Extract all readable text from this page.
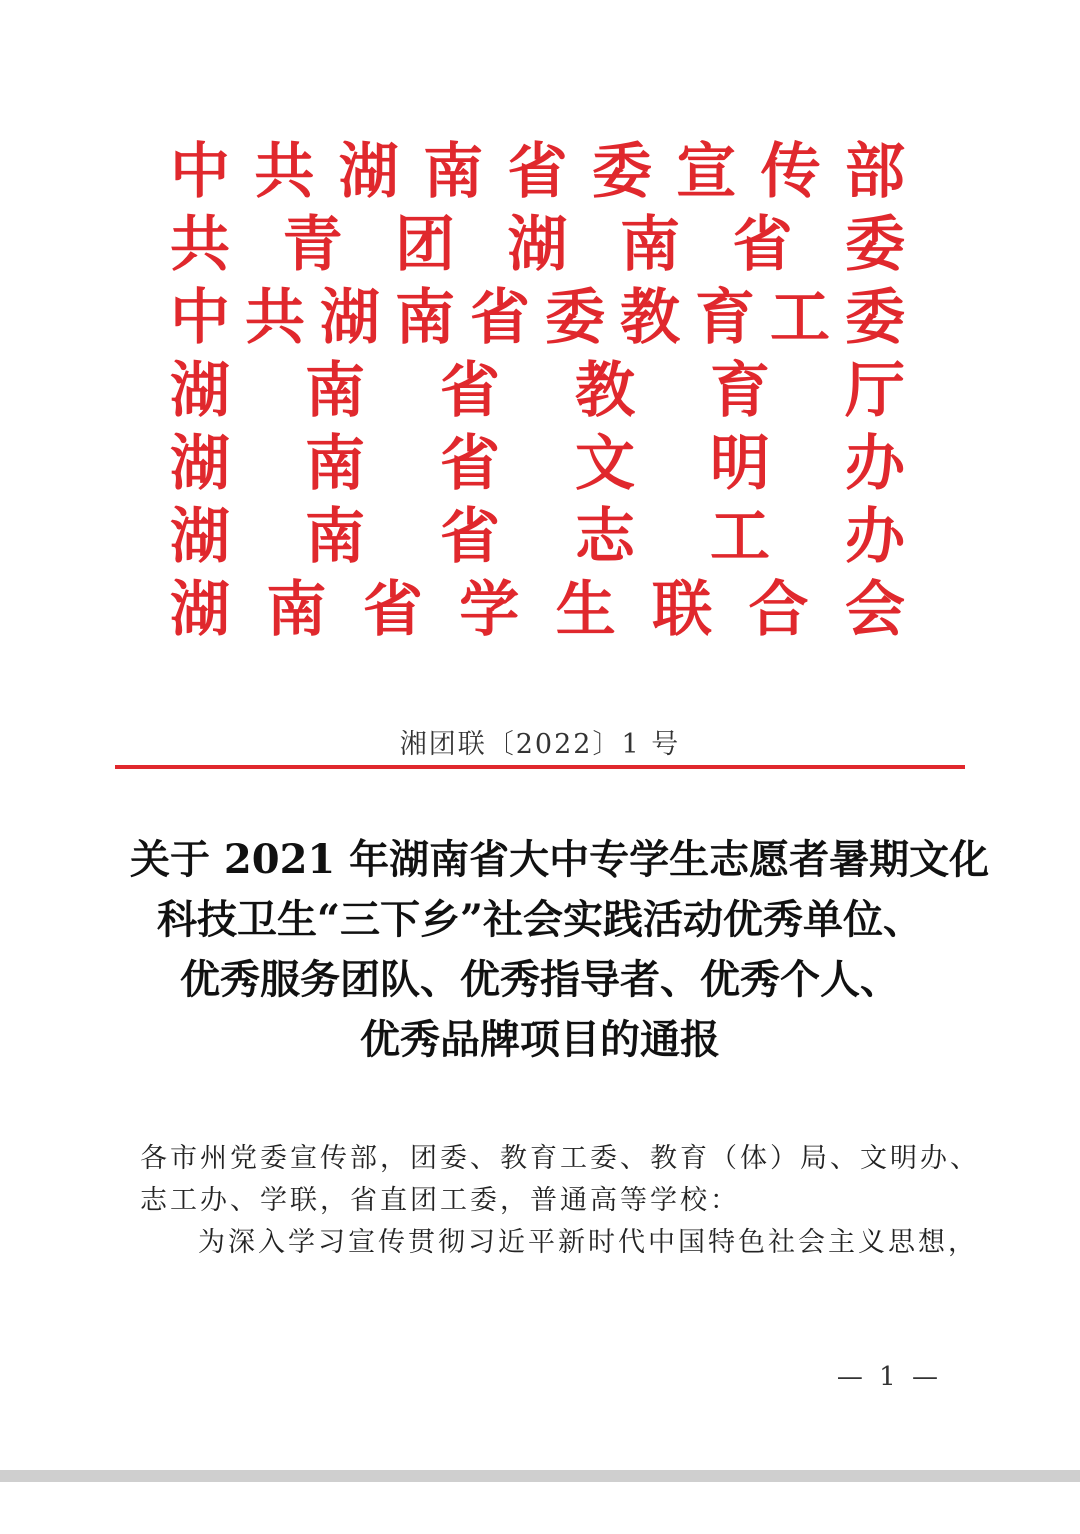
中 共 湖 南 省 委 宣 传 部
共 青 团 湖 南 省 委
中 共 湖 南 省 委 教 育 工 委
湖 南 省 教 育 厅
湖 南 省 文 明 办
湖 南 省 志 工 办
湖 南 省 学 生 联 合 会
湘团联〔2022〕1 号
关于 2021 年湖南省大中专学生志愿者暑期文化
科技卫生“三下乡”社会实践活动优秀单位、
优秀服务团队、优秀指导者、优秀个人、
优秀品牌项目的通报
各市州党委宣传部，团委、教育工委、教育（体）局、文明办、
志工办、学联，省直团工委，普通高等学校：
为深入学习宣传贯彻习近平新时代中国特色社会主义思想，
— 1 —
